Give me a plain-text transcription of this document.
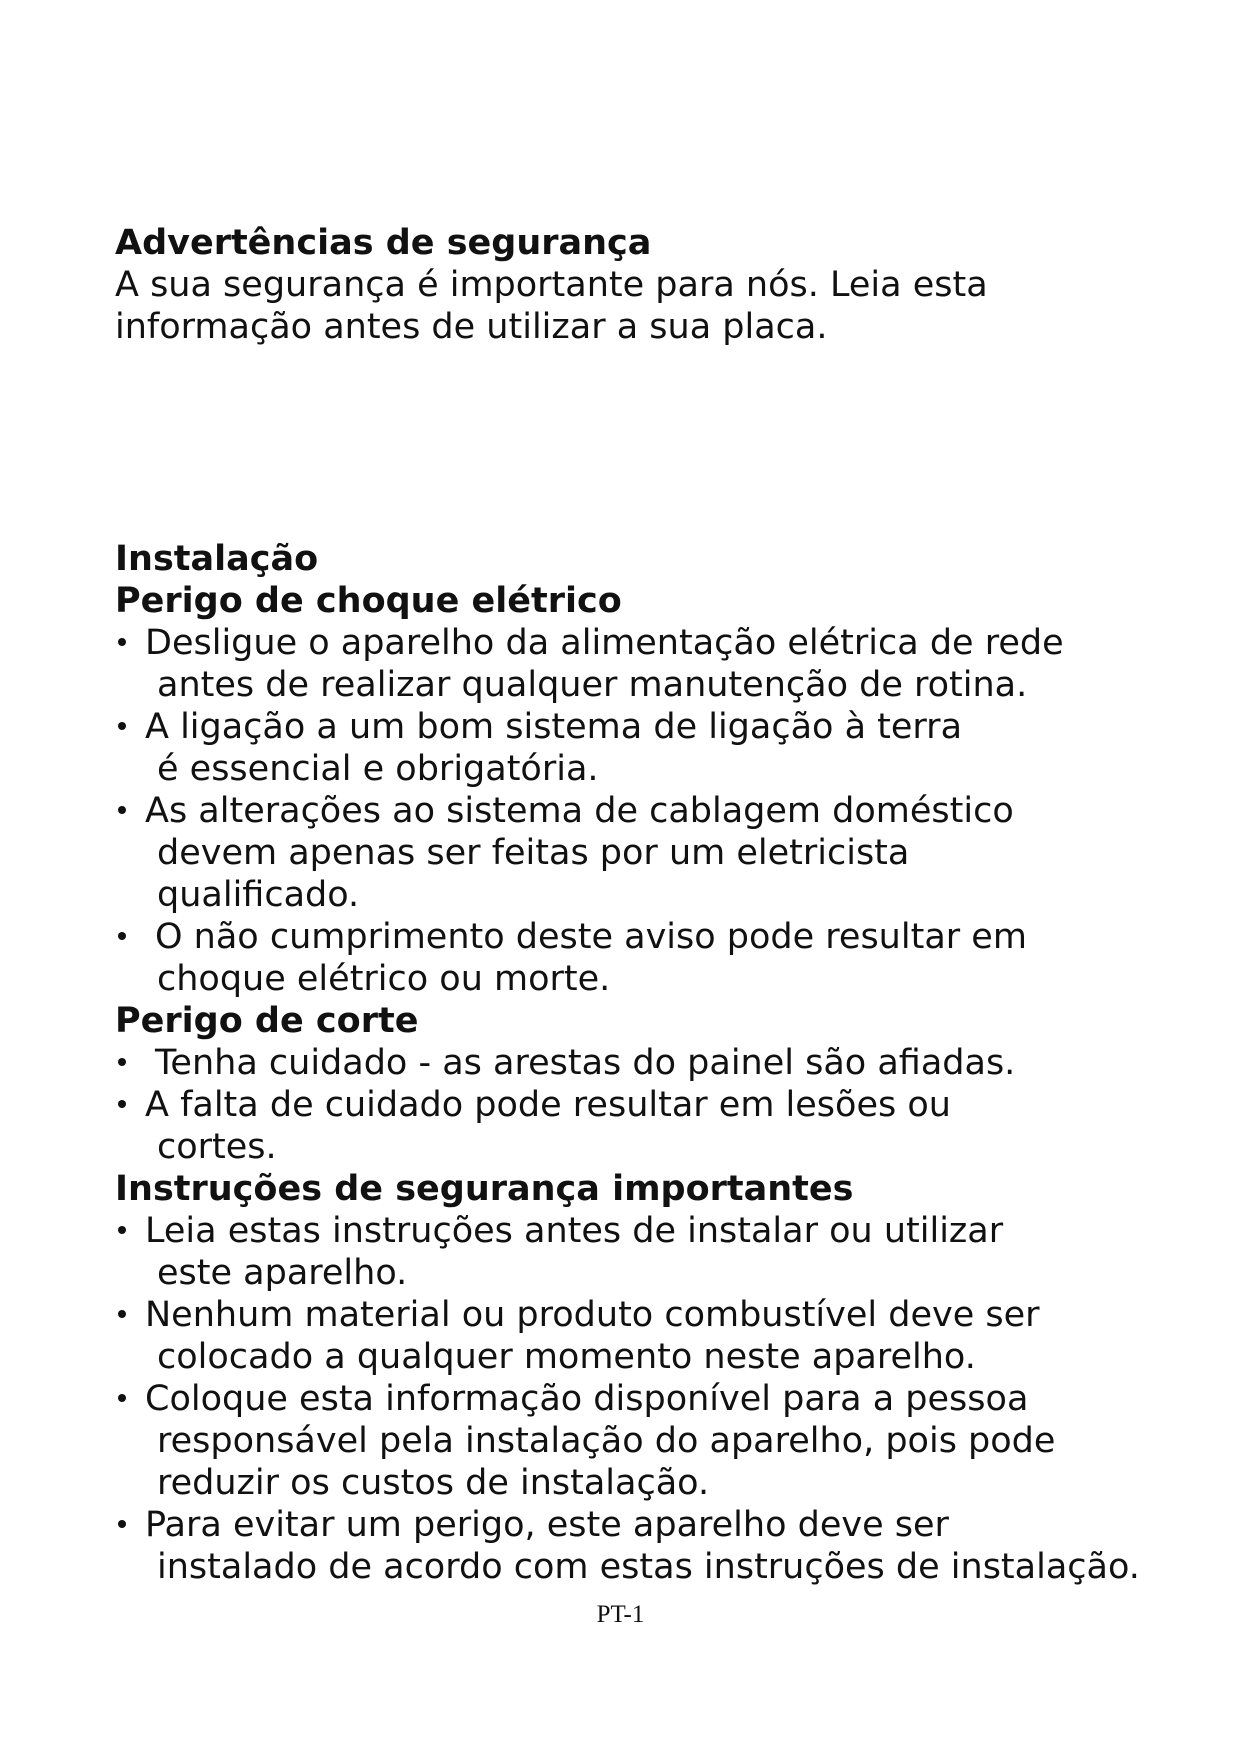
Advertências de segurança
A sua segurança é importante para nós. Leia esta
informação antes de utilizar a sua placa.
Instalação
Perigo de choque elétrico
Desligue o aparelho da alimentação elétrica de rede
antes de realizar qualquer manutenção de rotina.
A ligação a um bom sistema de ligação à terra
é essencial e obrigatória.
As alterações ao sistema de cablagem doméstico
devem apenas ser feitas por um eletricista
qualificado.
O não cumprimento deste aviso pode resultar em
choque elétrico ou morte.
Perigo de corte
Tenha cuidado - as arestas do painel são afiadas.
A falta de cuidado pode resultar em lesões ou
cortes.
Instruções de segurança importantes
Leia estas instruções antes de instalar ou utilizar
este aparelho.
Nenhum material ou produto combustível deve ser
colocado a qualquer momento neste aparelho.
Coloque esta informação disponível para a pessoa
responsável pela instalação do aparelho, pois pode
reduzir os custos de instalação.
Para evitar um perigo, este aparelho deve ser
instalado de acordo com estas instruções de instalação.
PT-1
